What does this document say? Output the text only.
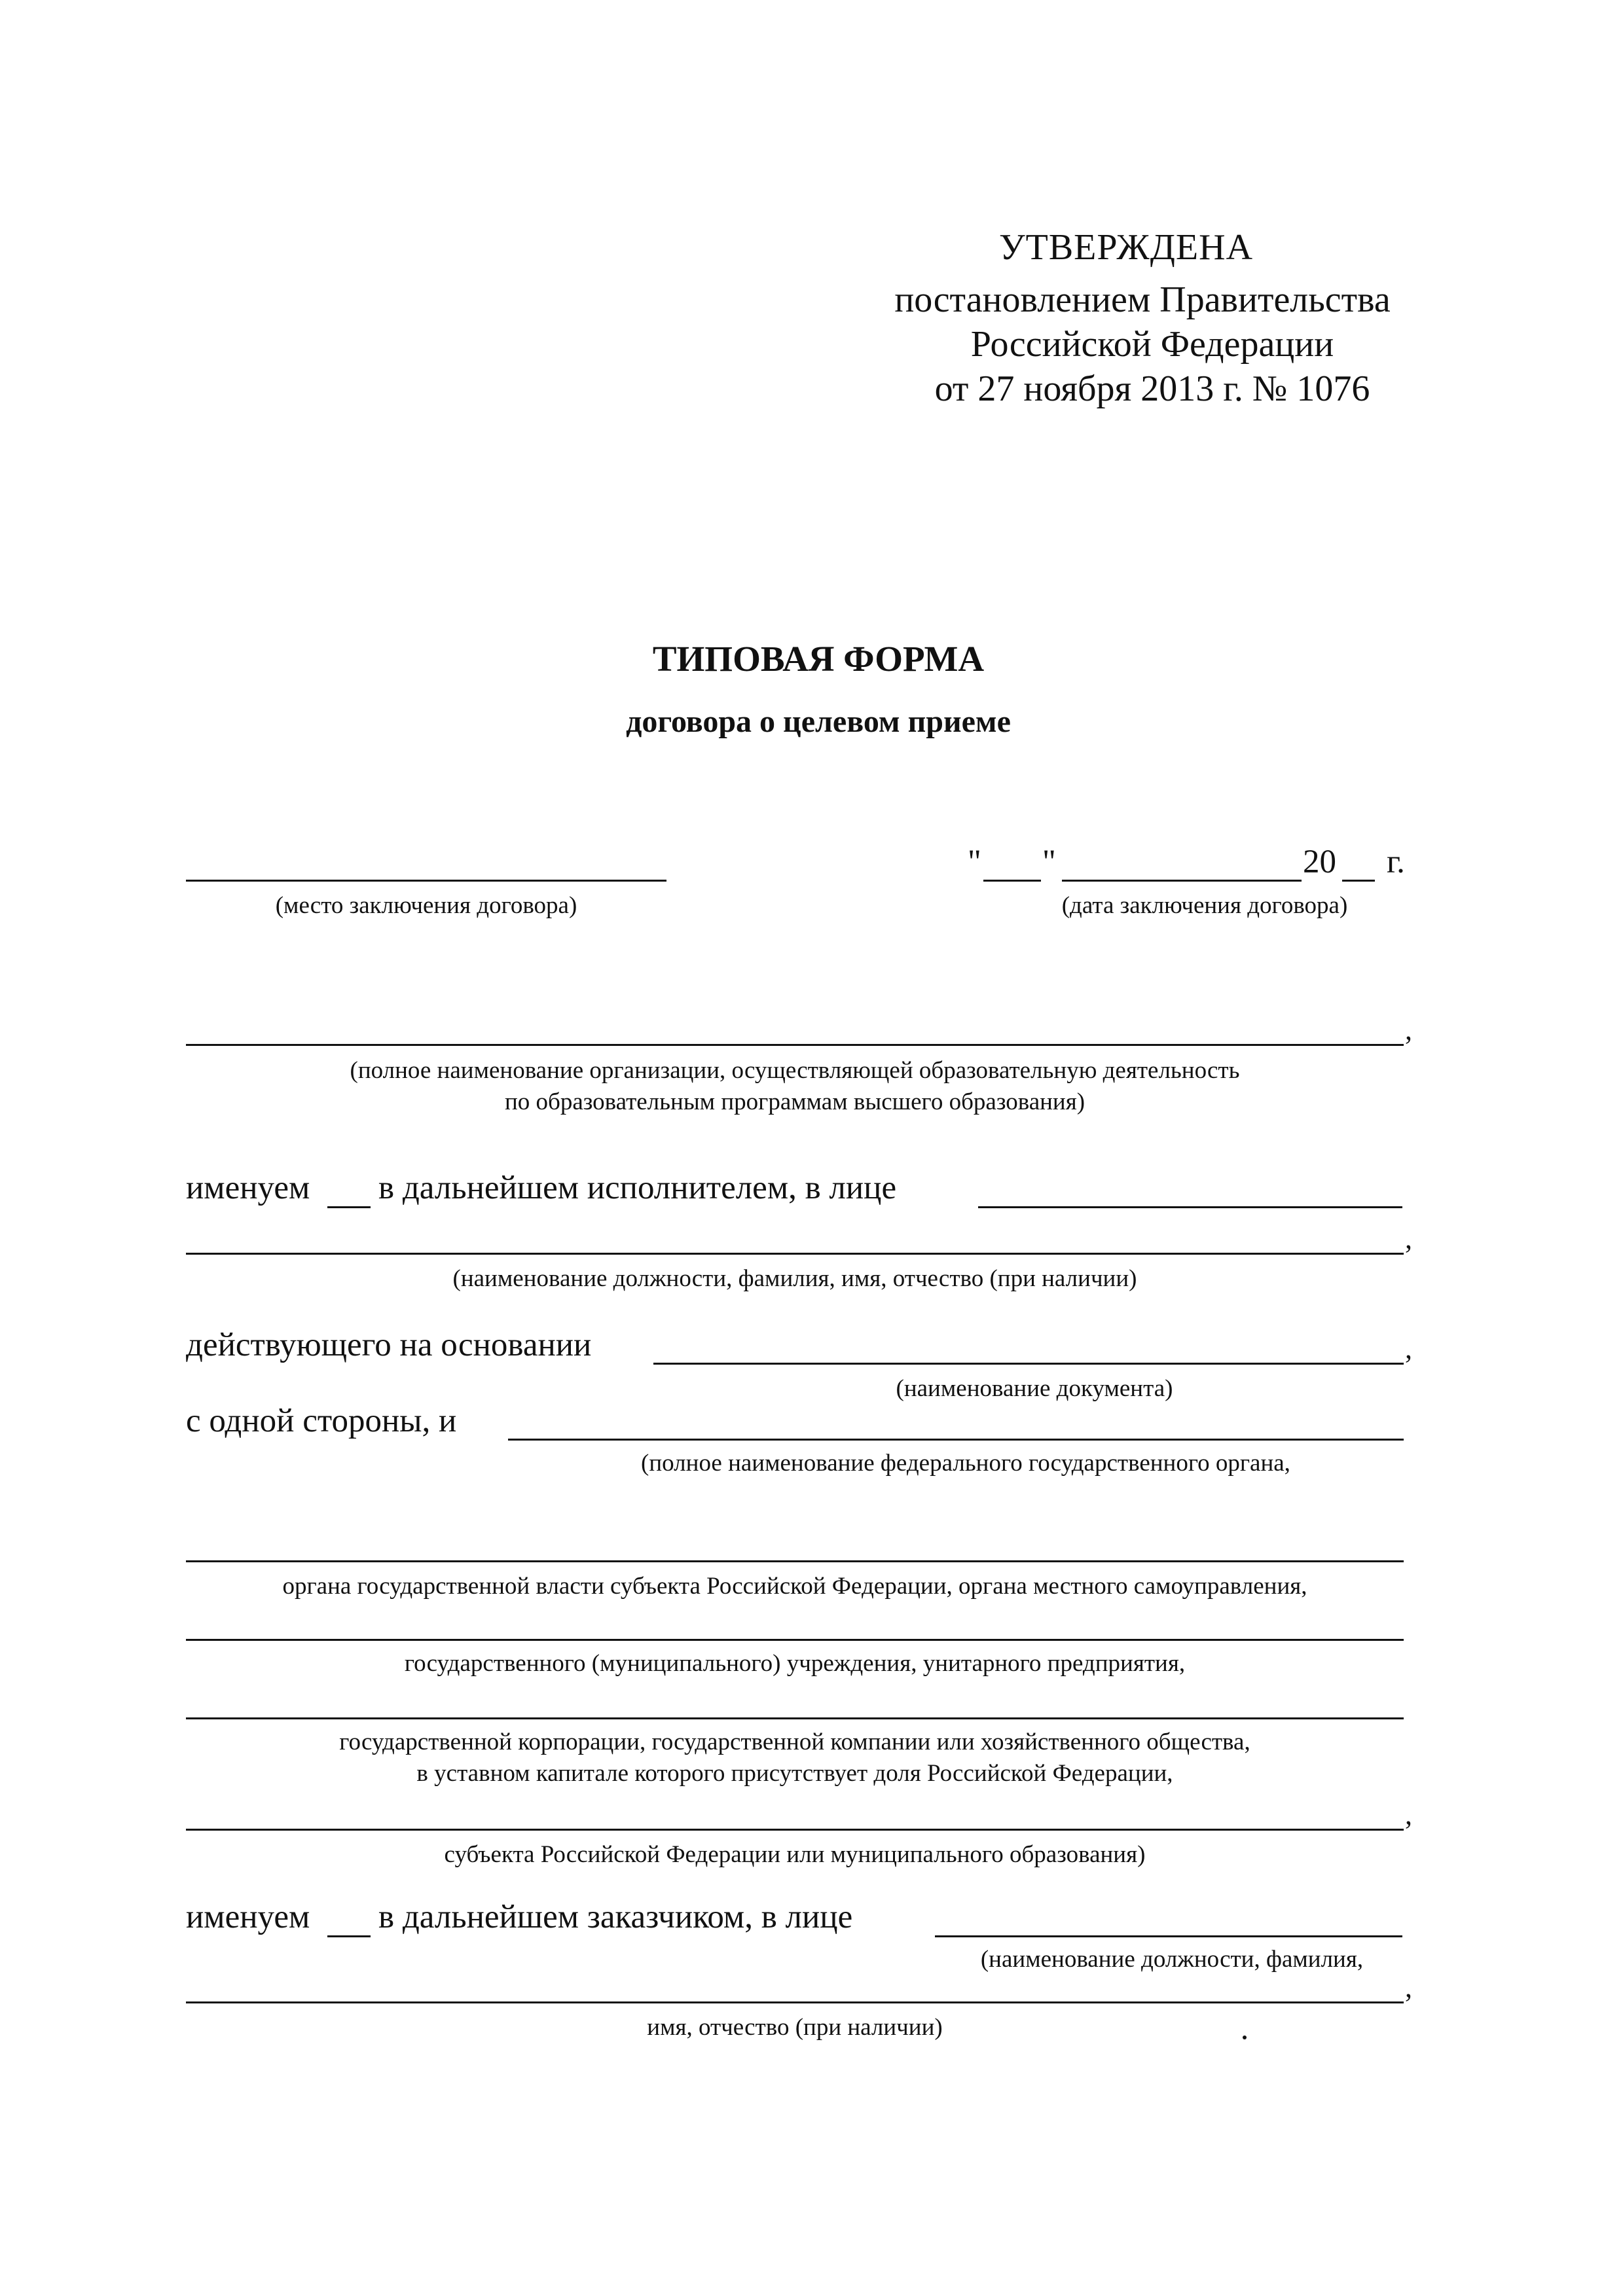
УТВЕРЖДЕНА
постановлением Правительства
Российской Федерации
от 27 ноября 2013 г. № 1076
ТИПОВАЯ ФОРМА
договора о целевом приеме
(место заключения договора)
" "	20 г.
(дата заключения договора)
,
(полное наименование организации, осуществляющей образовательную деятельность
по образовательным программам высшего образования)
именуем в дальнейшем исполнителем, в лице
,
(наименование должности, фамилия, имя, отчество (при наличии)
действующего на основании	,
(наименование документа)
с одной стороны, и
(полное наименование федерального государственного органа,
органа государственной власти субъекта Российской Федерации, органа местного самоуправления,
государственного (муниципального) учреждения, унитарного предприятия,
государственной корпорации, государственной компании или хозяйственного общества,
в уставном капитале которого присутствует доля Российской Федерации,
,
субъекта Российской Федерации или муниципального образования)
именуем в дальнейшем заказчиком, в лице
(наименование должности, фамилия,
,
имя, отчество (при наличии)
